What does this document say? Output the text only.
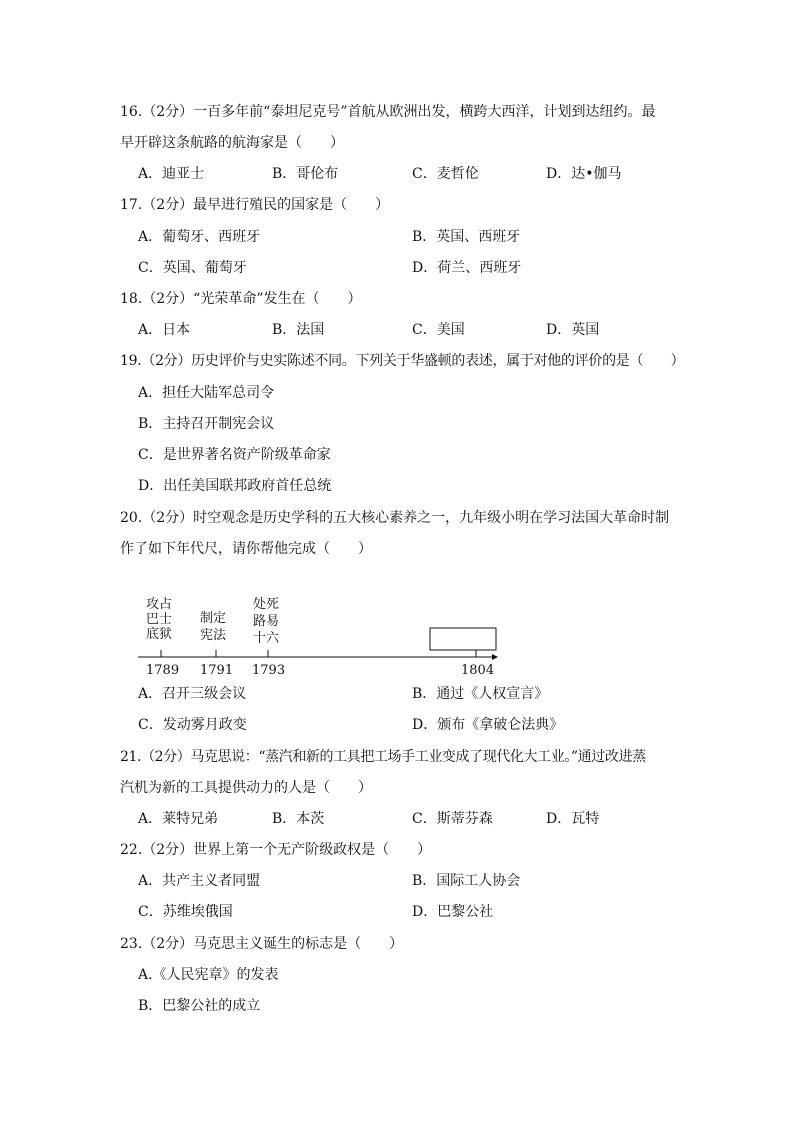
16.（2分）一百多年前“泰坦尼克号”首航从欧洲出发，横跨大西洋，计划到达纽约。最
早开辟这条航路的航海家是（　　）
A．迪亚士	B．哥伦布	C．麦哲伦	D．达•伽马
17.（2分）最早进行殖民的国家是（　　）
A．葡萄牙、西班牙	B．英国、西班牙
C．英国、葡萄牙	D．荷兰、西班牙
18.（2分）“光荣革命”发生在（　　）
A．日本	B．法国	C．美国	D．英国
19.（2分）历史评价与史实陈述不同。下列关于华盛顿的表述，属于对他的评价的是（　　）
A．担任大陆军总司令
B．主持召开制宪会议
C．是世界著名资产阶级革命家
D．出任美国联邦政府首任总统
20.（2分）时空观念是历史学科的五大核心素养之一，九年级小明在学习法国大革命时制
作了如下年代尺，请你帮他完成（　　）
攻占
巴士
底狱
制定
宪法
处死
路易
十六
1789 1791 1793	1804
A．召开三级会议	B．通过《人权宣言》
C．发动雾月政变	D．颁布《拿破仑法典》
21.（2分）马克思说：“蒸汽和新的工具把工场手工业变成了现代化大工业。”通过改进蒸
汽机为新的工具提供动力的人是（　　）
A．莱特兄弟	B．本茨	C．斯蒂芬森	D．瓦特
22.（2分）世界上第一个无产阶级政权是（　　）
A．共产主义者同盟	B．国际工人协会
C．苏维埃俄国	D．巴黎公社
23.（2分）马克思主义诞生的标志是（　　）
A.《人民宪章》的发表
B．巴黎公社的成立
